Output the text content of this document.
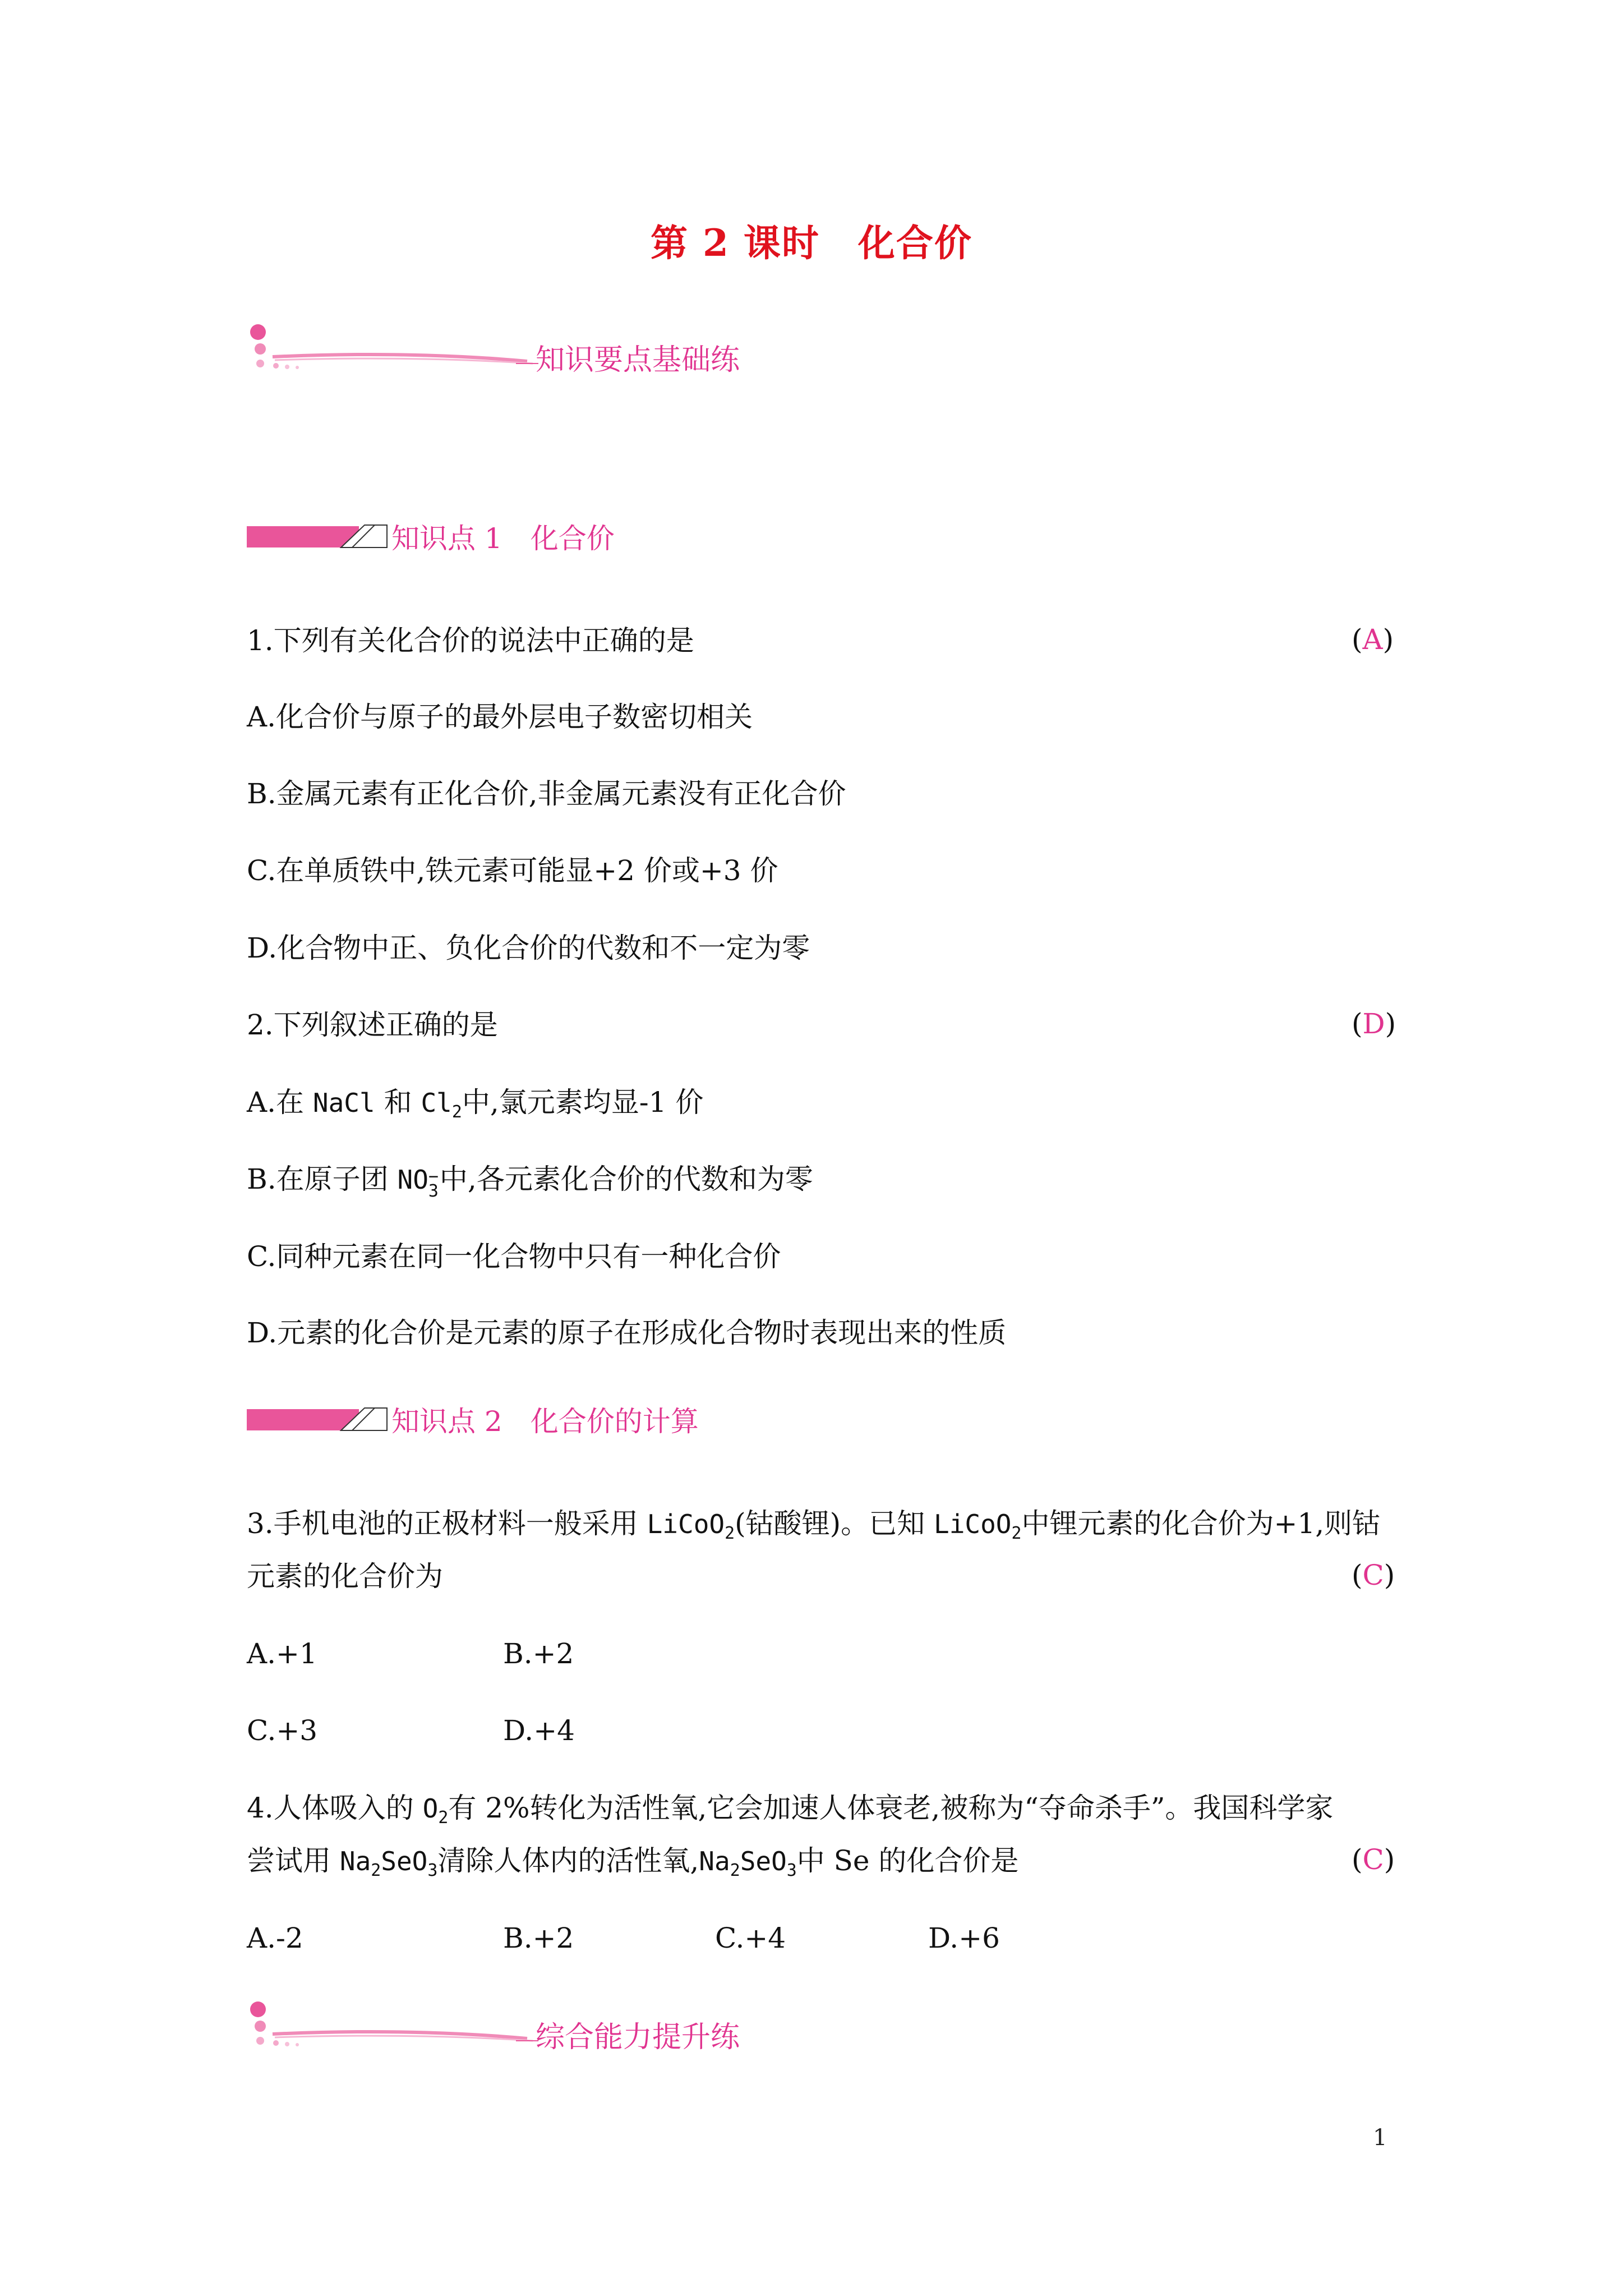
第 2 课时　化合价
知识要点基础练
知识点 1　化合价
1.下列有关化合价的说法中正确的是	(A)
A.化合价与原子的最外层电子数密切相关
B.金属元素有正化合价,非金属元素没有正化合价
C.在单质铁中,铁元素可能显+2 价或+3 价
D.化合物中正、负化合价的代数和不一定为零
2.下列叙述正确的是	(D)
A.在 NaCl 和 $Cl_2$中,氯元素均显-1 价
B.在原子团 NO −
3 中,各元素化合价的代数和为零
C.同种元素在同一化合物中只有一种化合价
D.元素的化合价是元素的原子在形成化合物时表现出来的性质
知识点 2　化合价的计算
3.手机电池的正极材料一般采用 LiCoO$_2$(钴酸锂)。已知 LiCoO$_2$中锂元素的化合价为+1,则钴
元素的化合价为	(C)
A.+1	B.+2
C.+3	D.+4
4.人体吸入的 $O_2$有 2%转化为活性氧,它会加速人体衰老,被称为“夺命杀手”。我国科学家
尝试用 $Na_2SeO_3$清除人体内的活性氧$,Na_2SeO_3$中 Se 的化合价是	(C)
A.-2	B.+2	C.+4	D.+6
综合能力提升练
1
